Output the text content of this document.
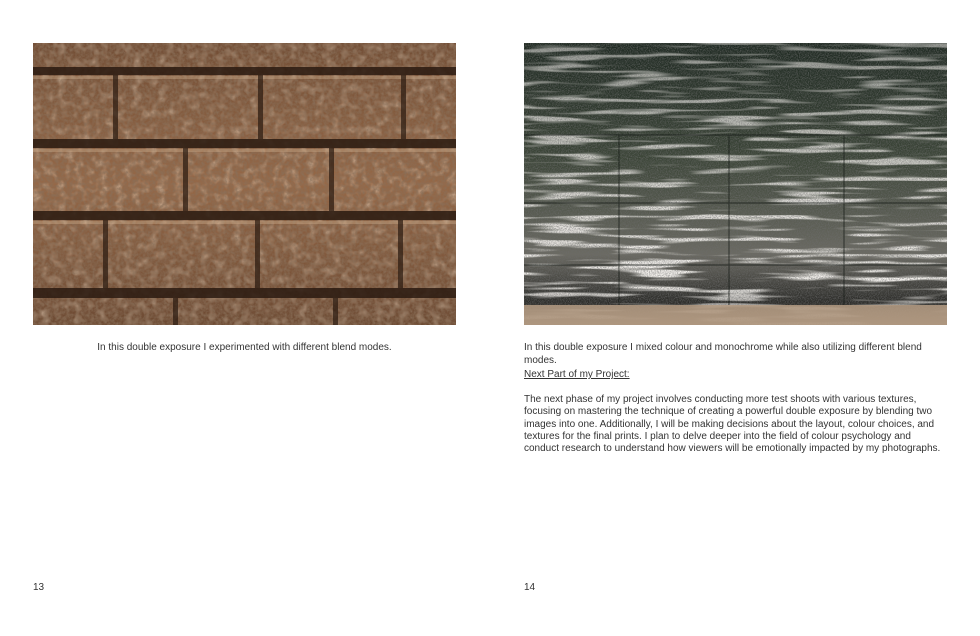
In this double exposure I experimented with different blend modes.
13
In this double exposure I mixed colour and monochrome while also utilizing different blend modes.
Next Part of my Project:
The next phase of my project involves conducting more test shoots with various textures, focusing on mastering the technique of creating a powerful double exposure by blending two images into one. Additionally, I will be making decisions about the layout, colour choices, and textures for the final prints. I plan to delve deeper into the field of colour psychology and conduct research to understand how viewers will be emotionally impacted by my photographs.
14
